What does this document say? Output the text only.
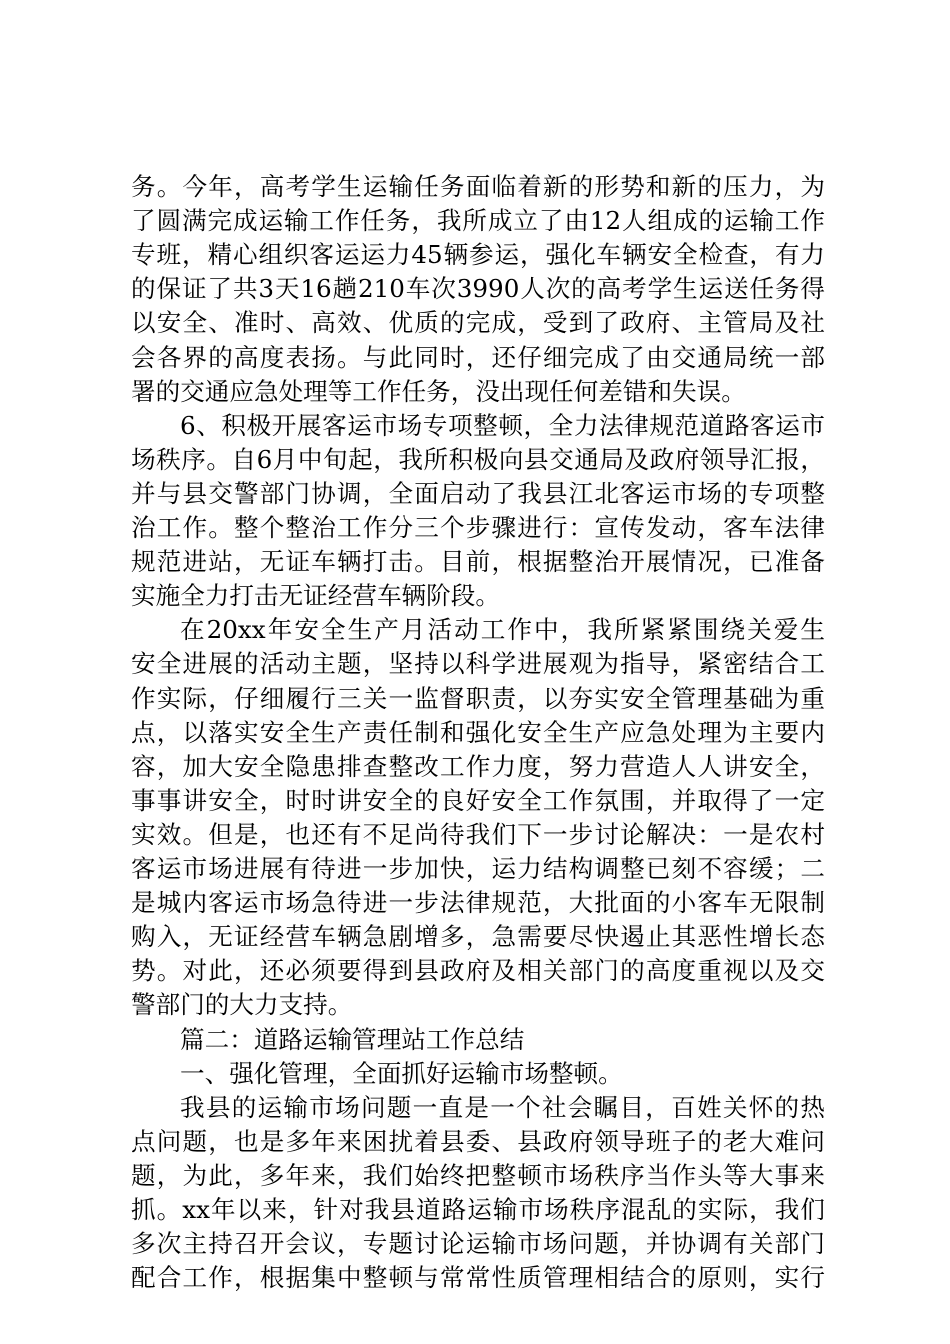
务。今年，高考学生运输任务面临着新的形势和新的压力，为
了圆满完成运输工作任务，我所成立了由12人组成的运输工作
专班，精心组织客运运力45辆参运，强化车辆安全检查，有力
的保证了共3天16趟210车次3990人次的高考学生运送任务得
以安全、准时、高效、优质的完成，受到了政府、主管局及社
会各界的高度表扬。与此同时，还仔细完成了由交通局统一部
署的交通应急处理等工作任务，没出现任何差错和失误。
6、积极开展客运市场专项整顿，全力法律规范道路客运市
场秩序。自6月中旬起，我所积极向县交通局及政府领导汇报，
并与县交警部门协调，全面启动了我县江北客运市场的专项整
治工作。整个整治工作分三个步骤进行：宣传发动，客车法律
规范进站，无证车辆打击。目前，根据整治开展情况，已准备
实施全力打击无证经营车辆阶段。
在20xx年安全生产月活动工作中，我所紧紧围绕关爱生
安全进展的活动主题，坚持以科学进展观为指导，紧密结合工
作实际，仔细履行三关一监督职责，以夯实安全管理基础为重
点，以落实安全生产责任制和强化安全生产应急处理为主要内
容，加大安全隐患排查整改工作力度，努力营造人人讲安全，
事事讲安全，时时讲安全的良好安全工作氛围，并取得了一定
实效。但是，也还有不足尚待我们下一步讨论解决：一是农村
客运市场进展有待进一步加快，运力结构调整已刻不容缓；二
是城内客运市场急待进一步法律规范，大批面的小客车无限制
购入，无证经营车辆急剧增多，急需要尽快遏止其恶性增长态
势。对此，还必须要得到县政府及相关部门的高度重视以及交
警部门的大力支持。
篇二：道路运输管理站工作总结
一、强化管理，全面抓好运输市场整顿。
我县的运输市场问题一直是一个社会瞩目，百姓关怀的热
点问题，也是多年来困扰着县委、县政府领导班子的老大难问
题，为此，多年来，我们始终把整顿市场秩序当作头等大事来
抓。xx年以来，针对我县道路运输市场秩序混乱的实际，我们
多次主持召开会议，专题讨论运输市场问题，并协调有关部门
配合工作，根据集中整顿与常常性质管理相结合的原则，实行
